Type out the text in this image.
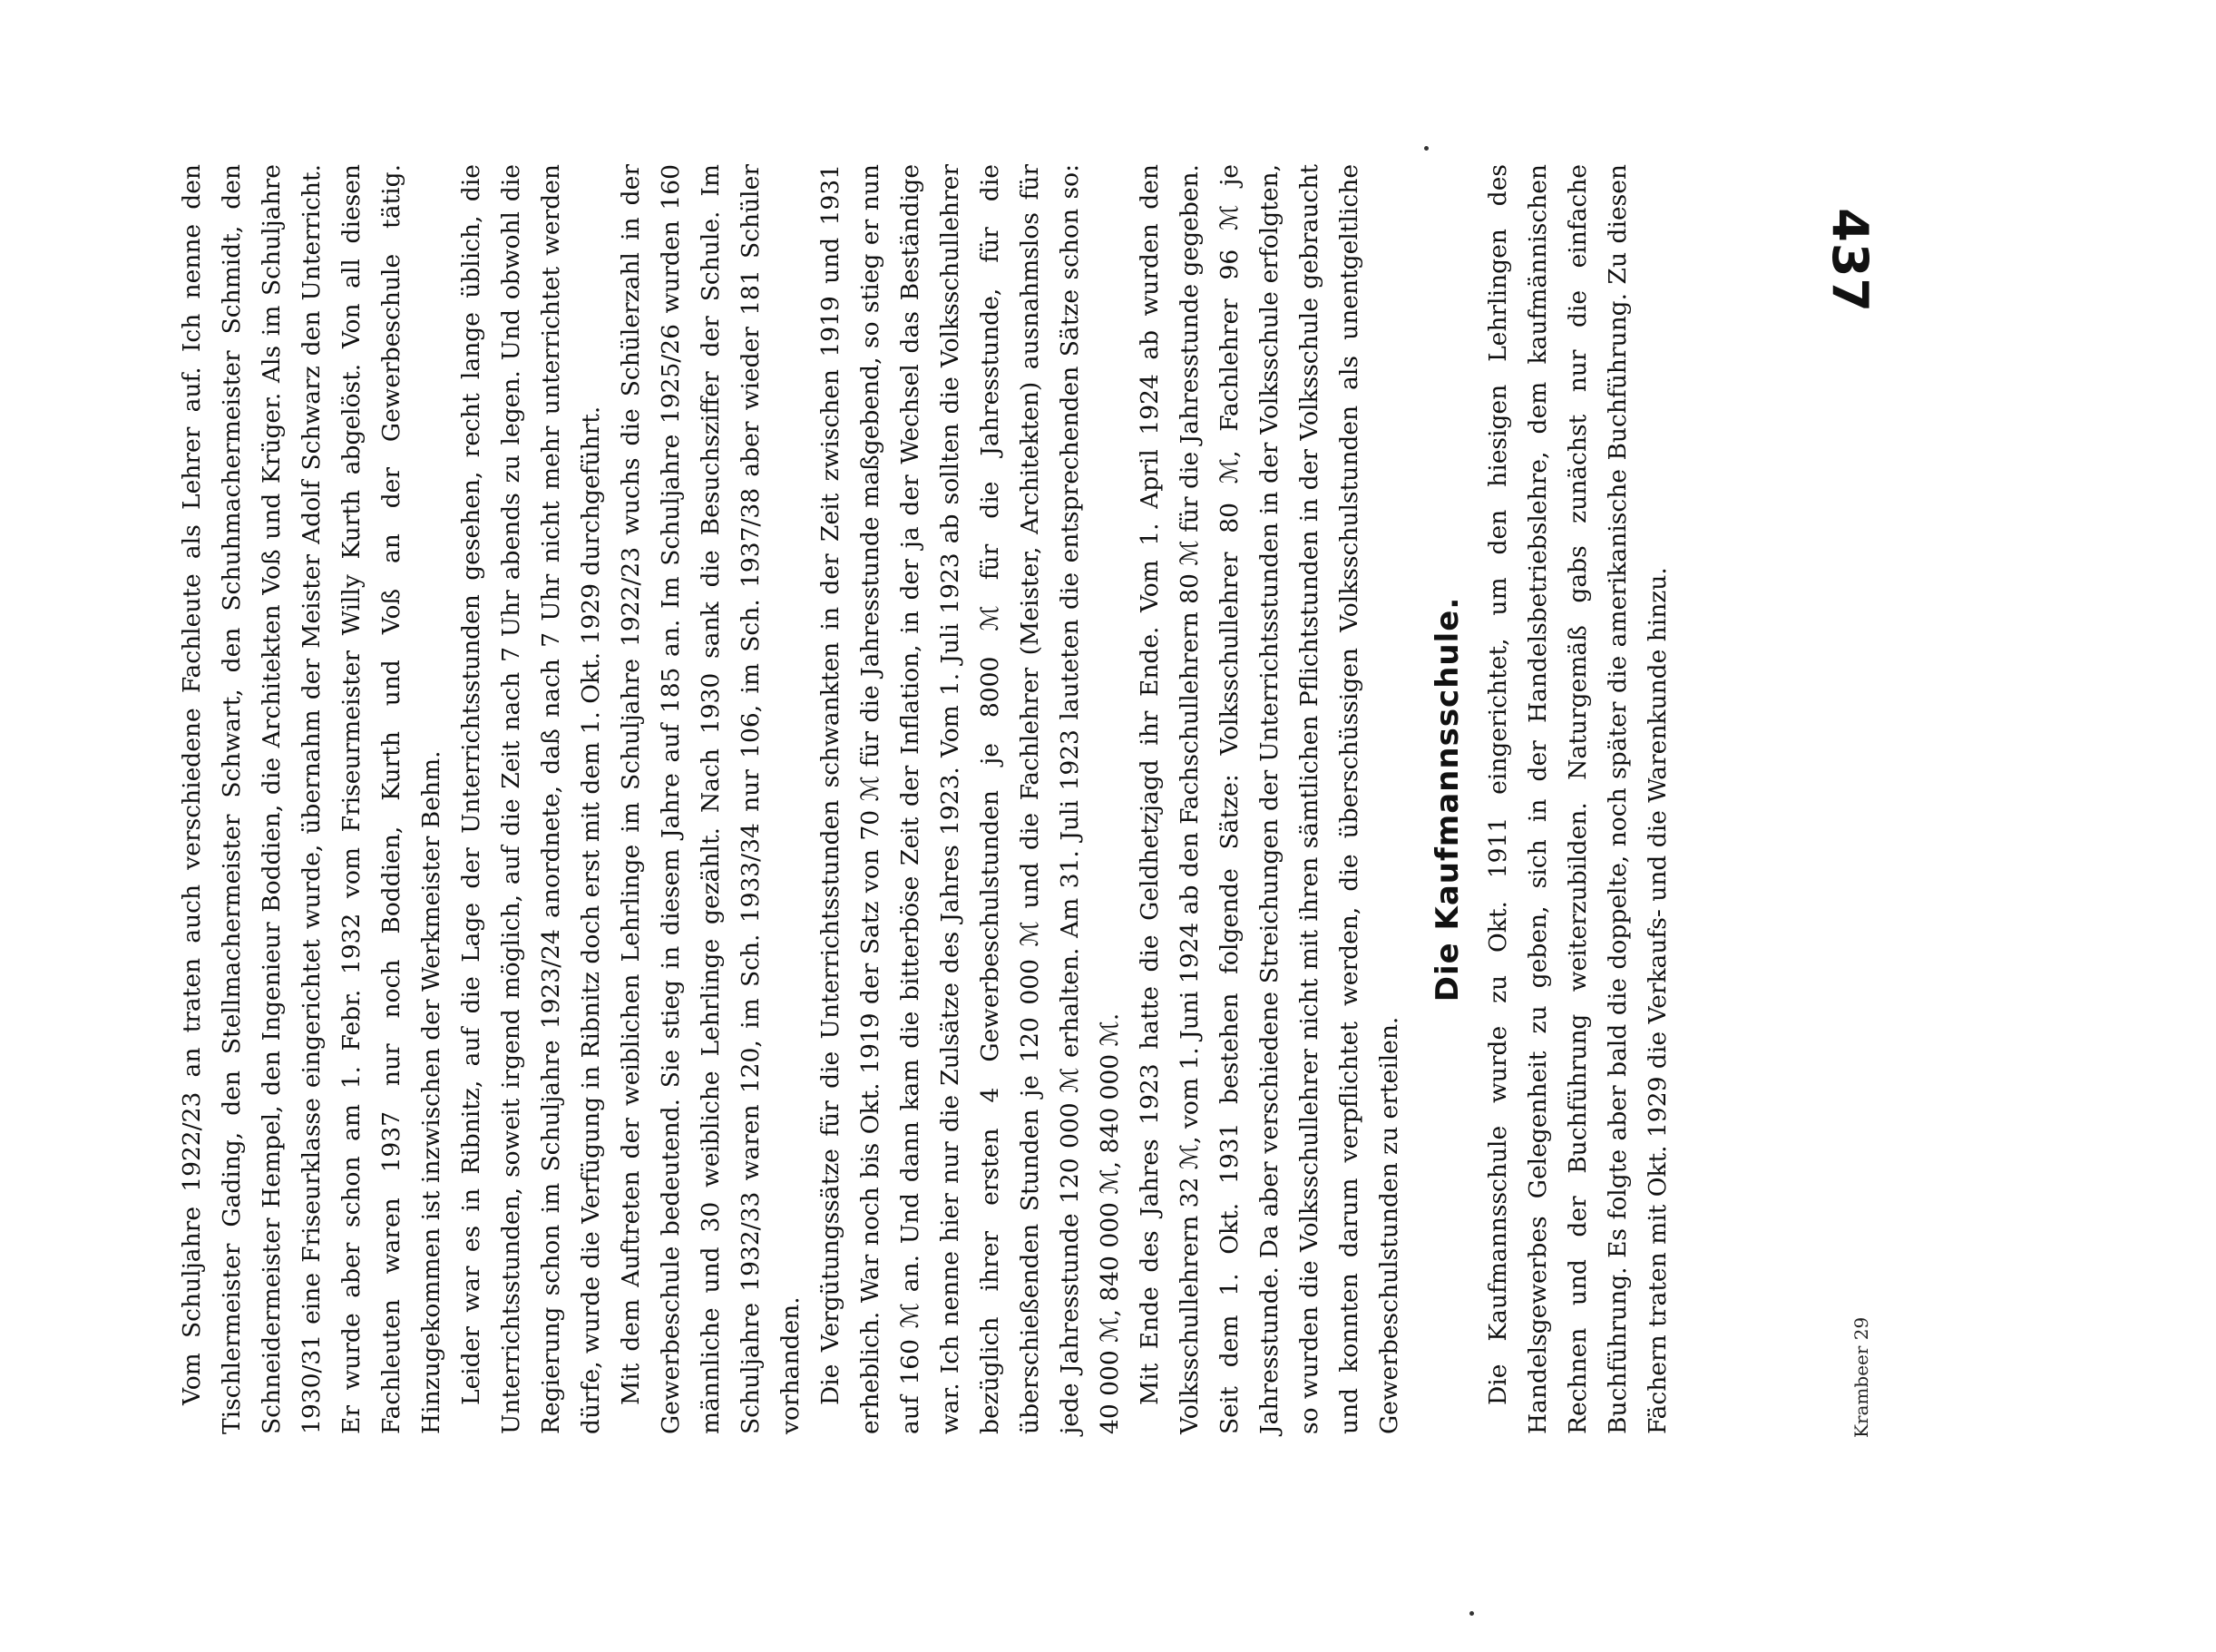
Vom Schuljahre 1922/23 an traten auch verschiedene Fachleute als Lehrer auf. Ich nenne den Tischlermeister Gading, den Stellmachermeister Schwart, den Schuhmachermeister Schmidt, den Schneidermeister Hempel, den Ingenieur Boddien, die Architekten Voß und Krüger. Als im Schuljahre 1930/31 eine Friseurklasse eingerichtet wurde, übernahm der Meister Adolf Schwarz den Unterricht. Er wurde aber schon am 1. Febr. 1932 vom Friseurmeister Willy Kurth abgelöst. Von all diesen Fachleuten waren 1937 nur noch Boddien, Kurth und Voß an der Gewerbeschule tätig. Hinzugekommen ist inzwischen der Werkmeister Behm. Leider war es in Ribnitz, auf die Lage der Unterrichtsstunden gesehen, recht lange üblich, die Unterrichtsstunden, soweit irgend möglich, auf die Zeit nach 7 Uhr abends zu legen. Und obwohl die Regierung schon im Schuljahre 1923/24 anordnete, daß nach 7 Uhr nicht mehr unterrichtet werden dürfe, wurde die Verfügung in Ribnitz doch erst mit dem 1. Okt. 1929 durchgeführt. Mit dem Auftreten der weiblichen Lehrlinge im Schuljahre 1922/23 wuchs die Schülerzahl in der Gewerbeschule bedeutend. Sie stieg in diesem Jahre auf 185 an. Im Schuljahre 1925/26 wurden 160 männliche und 30 weibliche Lehrlinge gezählt. Nach 1930 sank die Besuchsziffer der Schule. Im Schuljahre 1932/33 waren 120, im Sch. 1933/34 nur 106, im Sch. 1937/38 aber wieder 181 Schüler vorhanden. Die Vergütungssätze für die Unterrichtsstunden schwankten in der Zeit zwischen 1919 und 1931 erheblich. War noch bis Okt. 1919 der Satz von 70 ℳ für die Jahresstunde maßgebend, so stieg er nun auf 160 ℳ an. Und dann kam die bitterböse Zeit der Inflation, in der ja der Wechsel das Beständige war. Ich nenne hier nur die Zulsätze des Jahres 1923. Vom 1. Juli 1923 ab sollten die Volksschullehrer bezüglich ihrer ersten 4 Gewerbeschulstunden je 8000 ℳ für die Jahresstunde, für die überschießenden Stunden je 120 000 ℳ und die Fachlehrer (Meister, Architekten) ausnahmslos für jede Jahresstunde 120 000 ℳ erhalten. Am 31. Juli 1923 lauteten die entsprechenden Sätze schon so: 40 000 ℳ, 840 000 ℳ, 840 000 ℳ. Mit Ende des Jahres 1923 hatte die Geldhetzjagd ihr Ende. Vom 1. April 1924 ab wurden den Volksschullehrern 32 ℳ, vom 1. Juni 1924 ab den Fachschullehrern 80 ℳ für die Jahresstunde gegeben. Seit dem 1. Okt. 1931 bestehen folgende Sätze: Volksschullehrer 80 ℳ, Fachlehrer 96 ℳ je Jahresstunde. Da aber verschiedene Streichungen der Unterrichtsstunden in der Volksschule erfolgten, so wurden die Volksschullehrer nicht mit ihren sämtlichen Pflichtstunden in der Volksschule gebraucht und konnten darum verpflichtet werden, die überschüssigen Volksschulstunden als unentgeltliche Gewerbeschulstunden zu erteilen.

Die Kaufmannsschule. Die Kaufmannsschule wurde zu Okt. 1911 eingerichtet, um den hiesigen Lehrlingen des Handelsgewerbes Gelegenheit zu geben, sich in der Handelsbetriebslehre, dem kaufmännischen Rechnen und der Buchführung weiterzubilden. Naturgemäß gabs zunächst nur die einfache Buchführung. Es folgte aber bald die doppelte, noch später die amerikanische Buchführung. Zu diesen Fächern traten mit Okt. 1929 die Verkaufs- und die Warenkunde hinzu.

437
Krambeer 29
